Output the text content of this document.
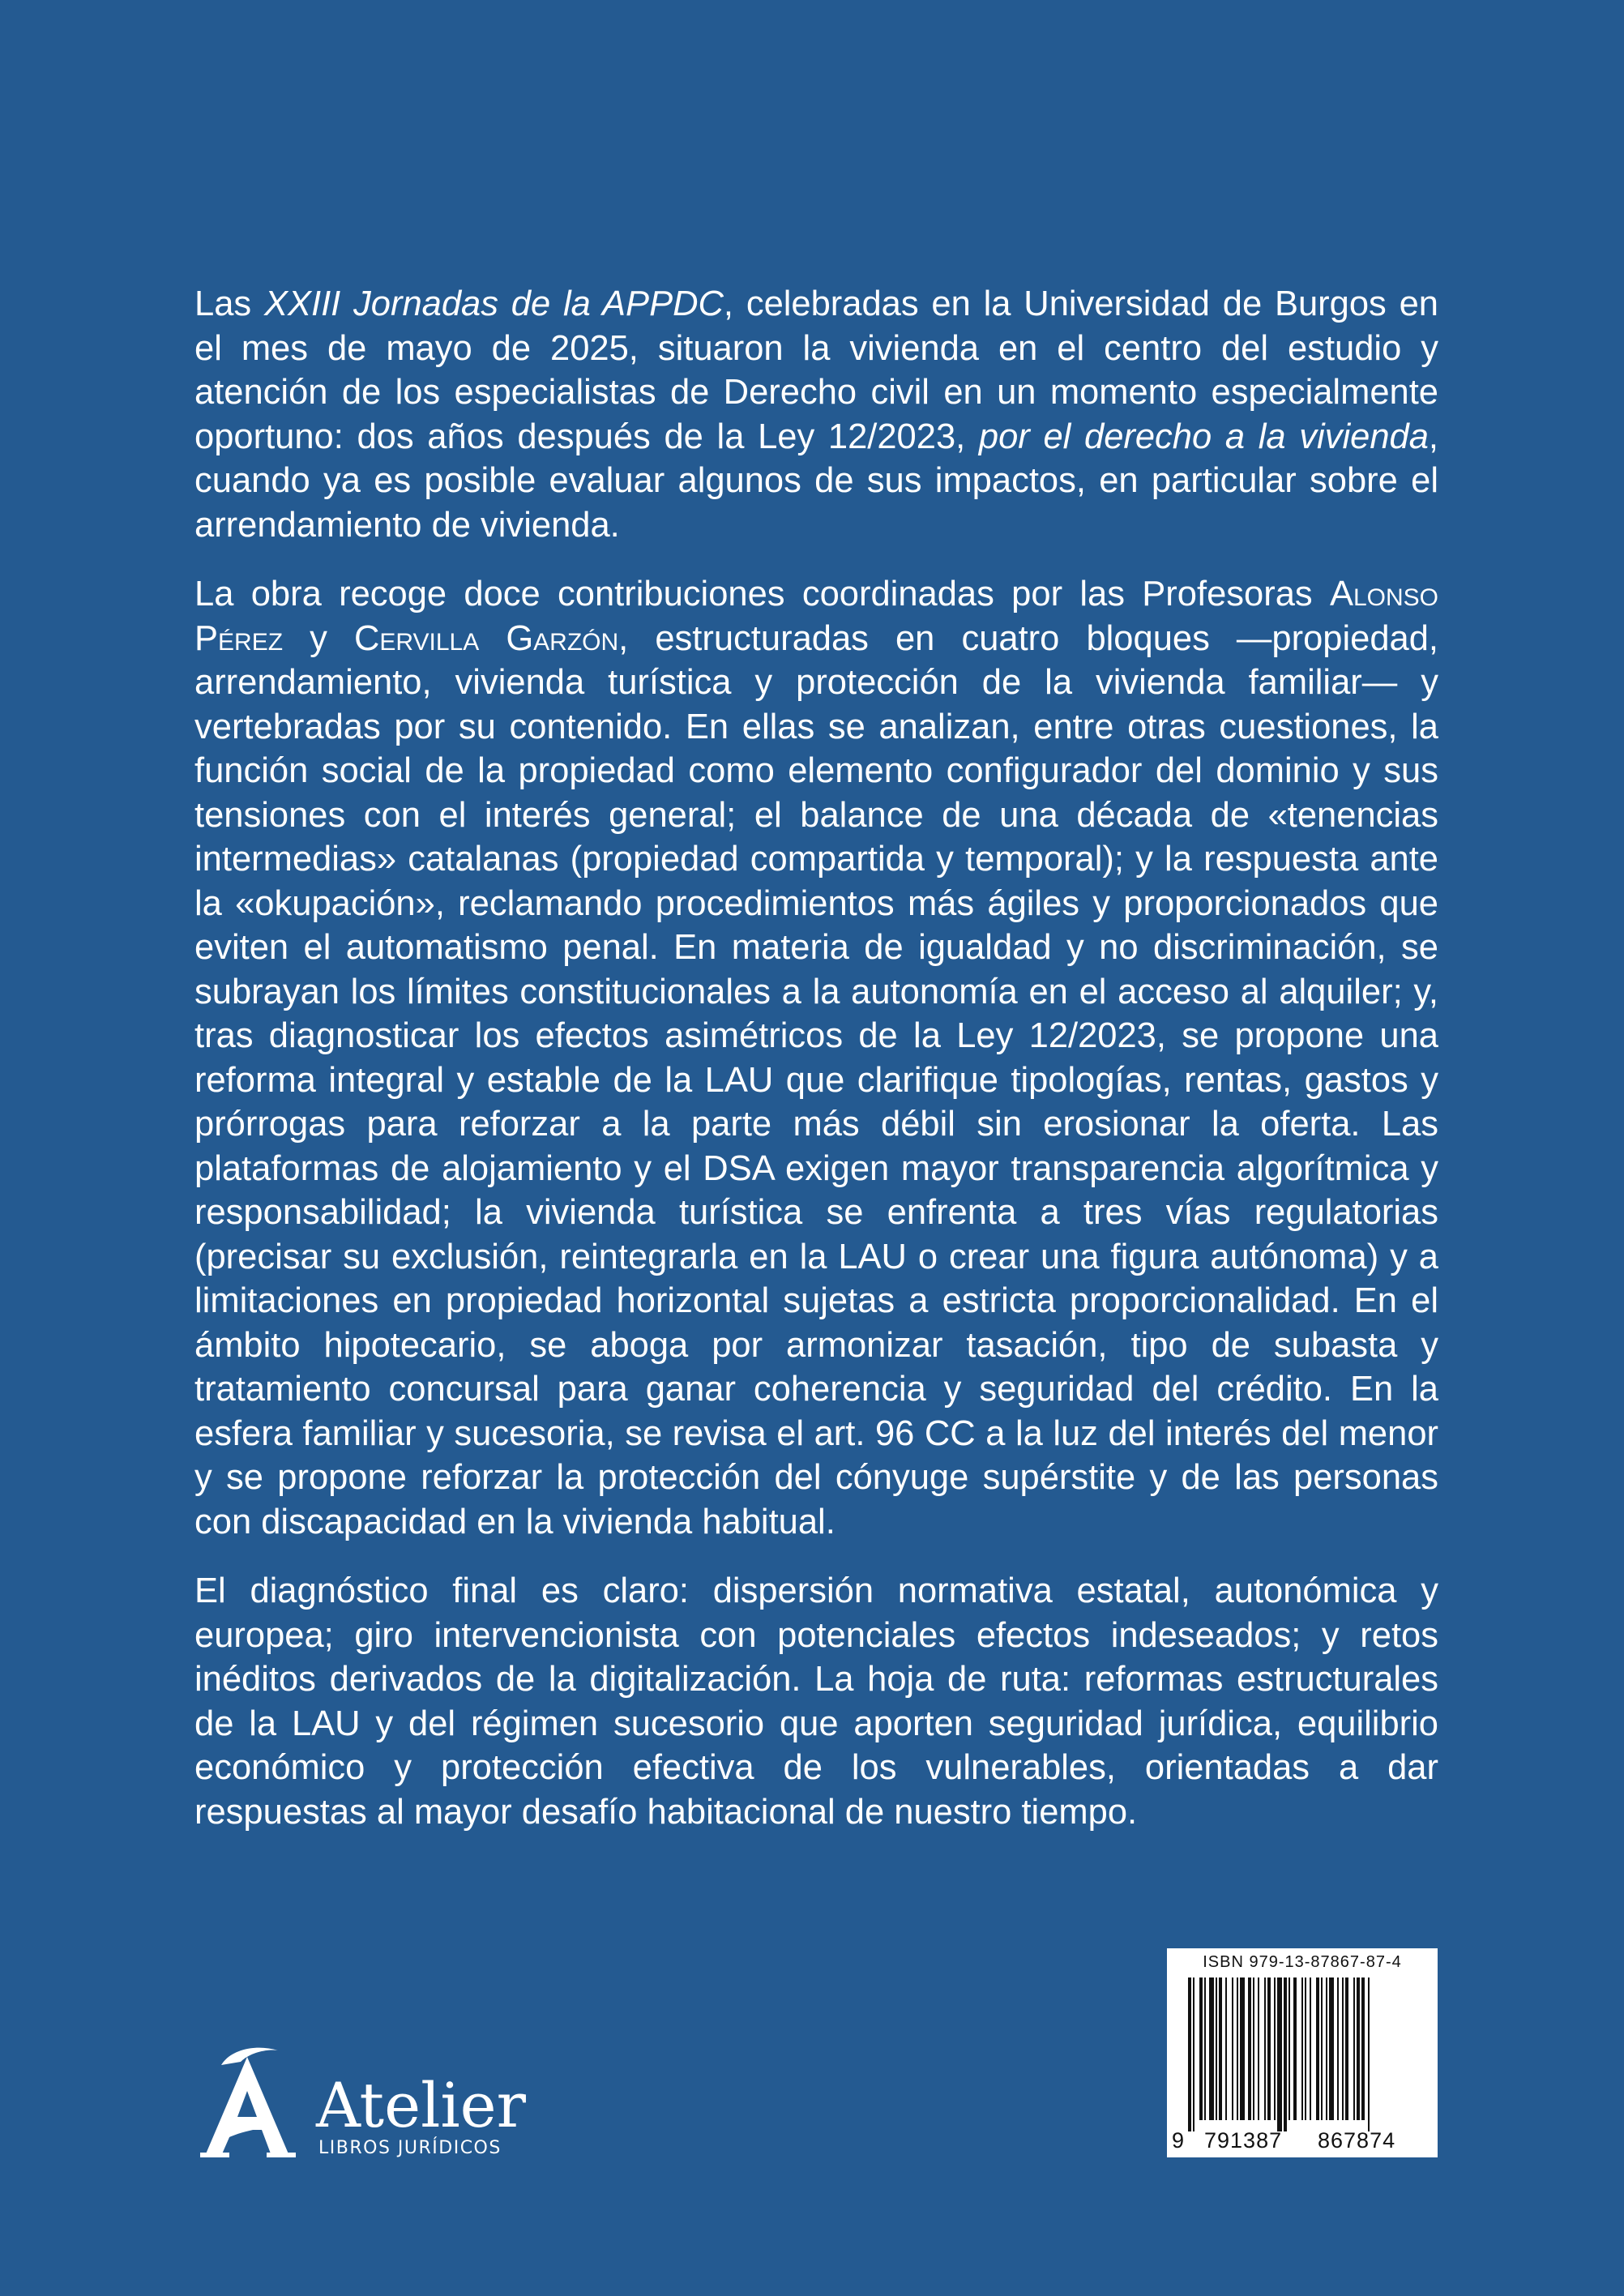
Las XXIII Jornadas de la APPDC, celebradas en la Universidad de Burgos en el mes de mayo de 2025, situaron la vivienda en el centro del estudio y atención de los especialistas de Derecho civil en un momento especialmente oportuno: dos años después de la Ley 12/2023, por el derecho a la vivienda, cuando ya es posible evaluar algunos de sus impactos, en particular sobre el arrendamiento de vivienda.

La obra recoge doce contribuciones coordinadas por las Profesoras Alonso Pérez y Cervilla Garzón, estructuradas en cuatro bloques —propiedad, arrendamiento, vivienda turística y protección de la vivienda familiar— y vertebradas por su contenido. En ellas se analizan, entre otras cuestiones, la función social de la propiedad como elemento configurador del dominio y sus tensiones con el interés general; el balance de una década de «tenencias intermedias» catalanas (propiedad compartida y temporal); y la respuesta ante la «okupación», reclamando procedimientos más ágiles y proporcionados que eviten el automatismo penal. En materia de igualdad y no discriminación, se subrayan los límites constitucionales a la autonomía en el acceso al alquiler; y, tras diagnosticar los efectos asimétricos de la Ley 12/2023, se propone una reforma integral y estable de la LAU que clarifique tipologías, rentas, gastos y prórrogas para reforzar a la parte más débil sin erosionar la oferta. Las plataformas de alojamiento y el DSA exigen mayor transparencia algorítmica y responsabilidad; la vivienda turística se enfrenta a tres vías regulatorias (precisar su exclusión, reintegrarla en la LAU o crear una figura autónoma) y a limitaciones en propiedad horizontal sujetas a estricta proporcionalidad. En el ámbito hipotecario, se aboga por armonizar tasación, tipo de subasta y tratamiento concursal para ganar coherencia y seguridad del crédito. En la esfera familiar y sucesoria, se revisa el art. 96 CC a la luz del interés del menor y se propone reforzar la protección del cónyuge supérstite y de las personas con discapacidad en la vivienda habitual.

El diagnóstico final es claro: dispersión normativa estatal, autonómica y europea; giro intervencionista con potenciales efectos indeseados; y retos inéditos derivados de la digitalización. La hoja de ruta: reformas estructurales de la LAU y del régimen sucesorio que aporten seguridad jurídica, equilibrio económico y protección efectiva de los vulnerables, orientadas a dar respuestas al mayor desafío habitacional de nuestro tiempo.

Atelier
LIBROS JURÍDICOS
ISBN 979-13-87867-87-4
9 791387 867874
